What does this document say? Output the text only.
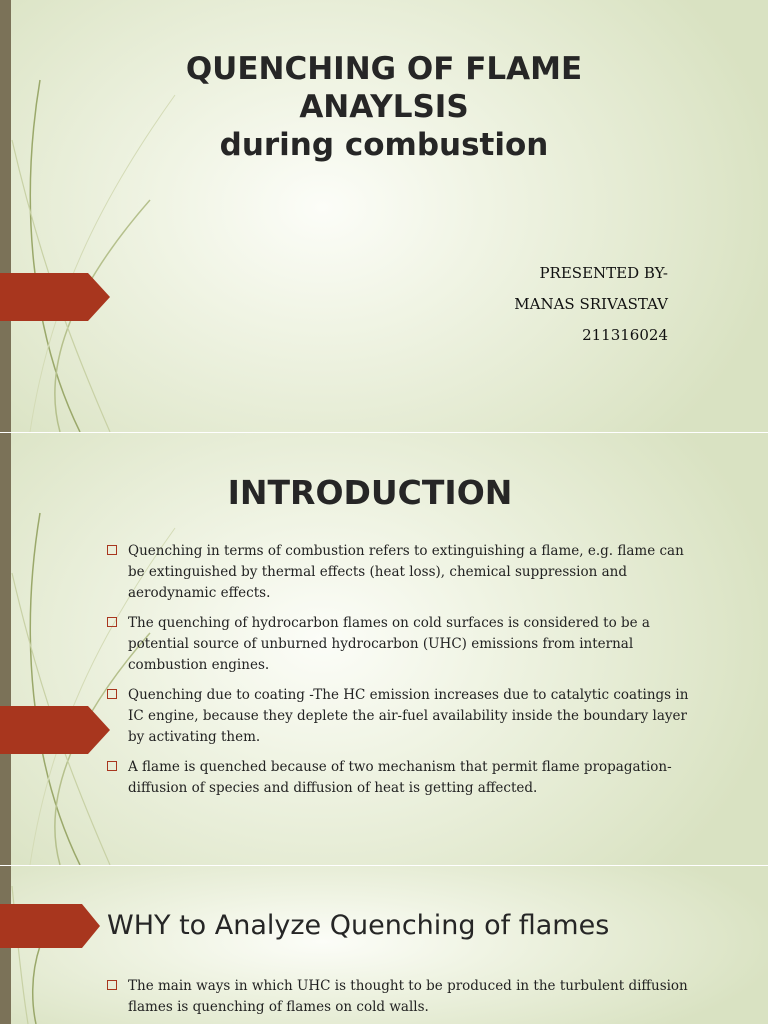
QUENCHING OF FLAME
ANAYLSIS
during combustion
PRESENTED BY-
MANAS SRIVASTAV
211316024
INTRODUCTION
Quenching in terms of combustion refers to extinguishing a flame, e.g. flame can be extinguished by thermal effects (heat loss), chemical suppression and aerodynamic effects.
The quenching of hydrocarbon flames on cold surfaces is considered to be a potential source of unburned hydrocarbon (UHC) emissions from internal combustion engines.
Quenching due to coating -The HC emission increases due to catalytic coatings in IC engine, because they deplete the air-fuel availability inside the boundary layer by activating them.
A flame is quenched because of two mechanism that permit flame propagation- diffusion of species and diffusion of heat is getting affected.
WHY to Analyze Quenching of flames
The main ways in which UHC is thought to be produced in the turbulent diffusion flames is quenching of flames on cold walls.
